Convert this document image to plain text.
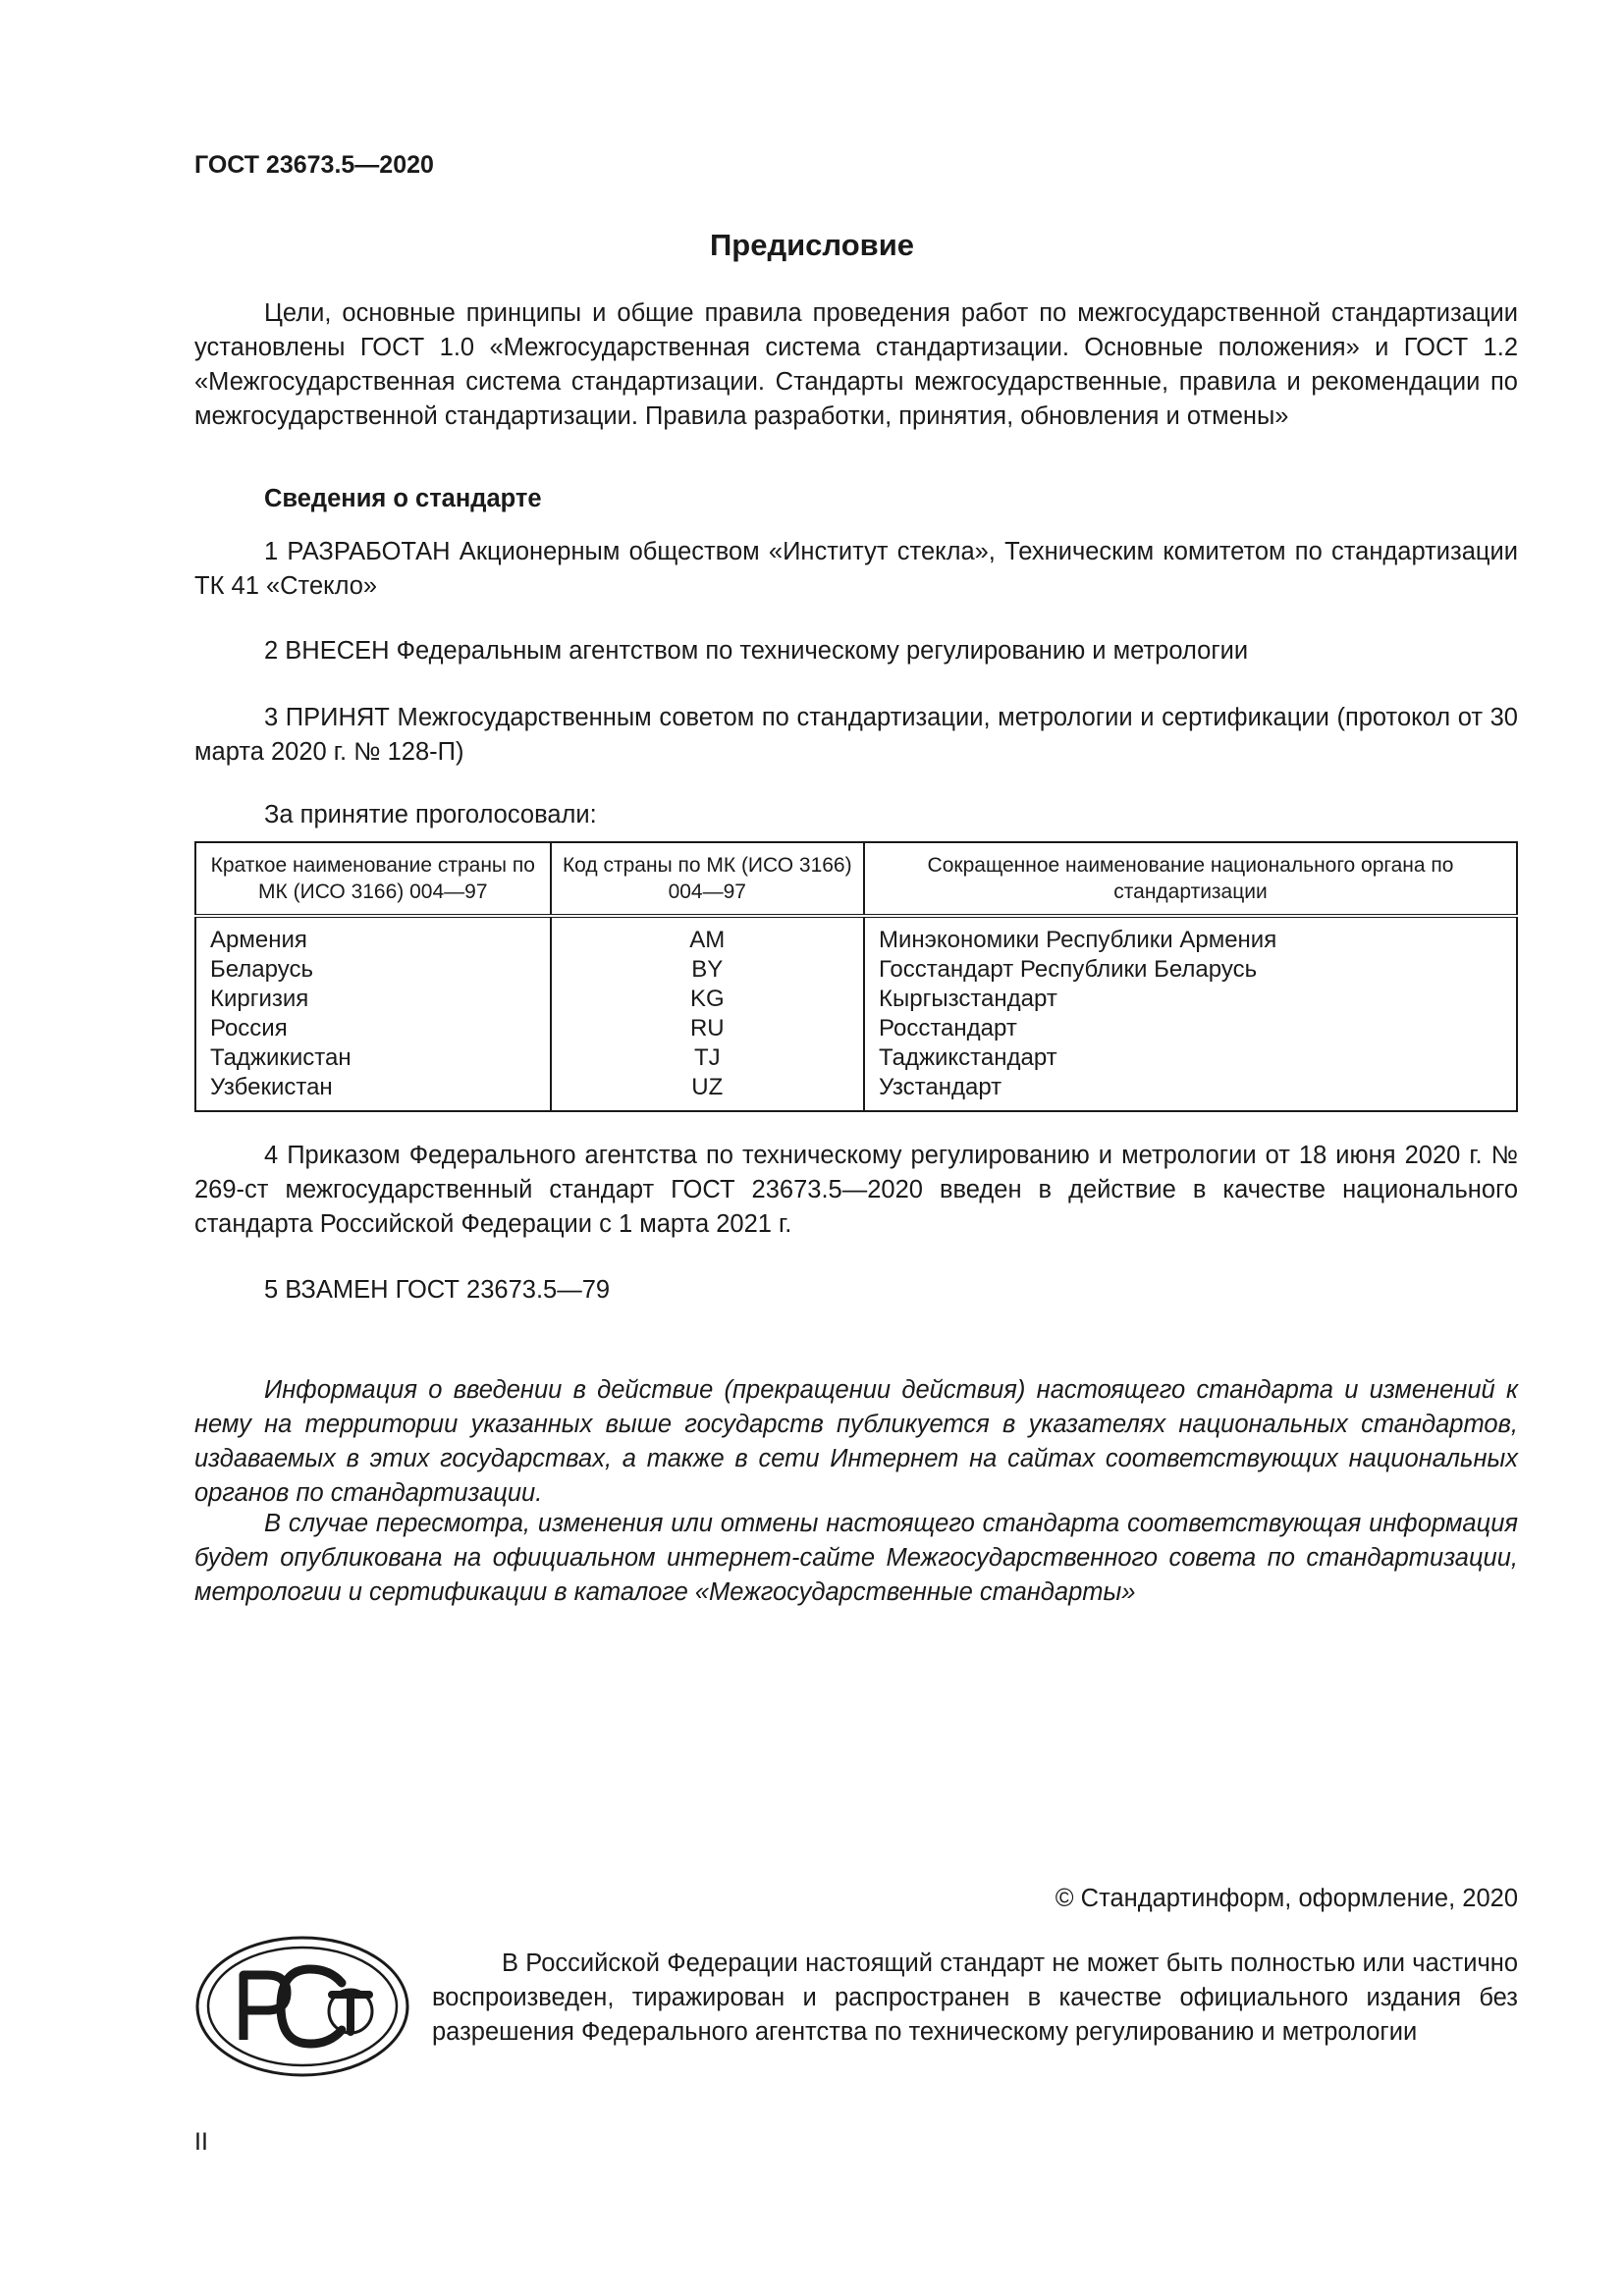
ГОСТ 23673.5—2020
Предисловие

Цели, основные принципы и общие правила проведения работ по межгосударственной стандартизации установлены ГОСТ 1.0 «Межгосударственная система стандартизации. Основные положения» и ГОСТ 1.2 «Межгосударственная система стандартизации. Стандарты межгосударственные, правила и рекомендации по межгосударственной стандартизации. Правила разработки, принятия, обновления и отмены»

Сведения о стандарте

1 РАЗРАБОТАН Акционерным обществом «Институт стекла», Техническим комитетом по стандартизации ТК 41 «Стекло»

2 ВНЕСЕН Федеральным агентством по техническому регулированию и метрологии

3 ПРИНЯТ Межгосударственным советом по стандартизации, метрологии и сертификации (протокол от 30 марта 2020 г. № 128-П)

За принятие проголосовали:

Краткое наименование страны по МК (ИСО 3166) 004—97	Код страны по МК (ИСО 3166) 004—97	Сокращенное наименование национального органа по стандартизации
Армения	AM	Минэкономики Республики Армения
Беларусь	BY	Госстандарт Республики Беларусь
Киргизия	KG	Кыргызстандарт
Россия	RU	Росстандарт
Таджикистан	TJ	Таджикстандарт
Узбекистан	UZ	Узстандарт

4 Приказом Федерального агентства по техническому регулированию и метрологии от 18 июня 2020 г. № 269-ст межгосударственный стандарт ГОСТ 23673.5—2020 введен в действие в качестве национального стандарта Российской Федерации с 1 марта 2021 г.

5 ВЗАМЕН ГОСТ 23673.5—79

Информация о введении в действие (прекращении действия) настоящего стандарта и изменений к нему на территории указанных выше государств публикуется в указателях национальных стандартов, издаваемых в этих государствах, а также в сети Интернет на сайтах соответствующих национальных органов по стандартизации.

В случае пересмотра, изменения или отмены настоящего стандарта соответствующая информация будет опубликована на официальном интернет-сайте Межгосударственного совета по стандартизации, метрологии и сертификации в каталоге «Межгосударственные стандарты»

© Стандартинформ, оформление, 2020

В Российской Федерации настоящий стандарт не может быть полностью или частично воспроизведен, тиражирован и распространен в качестве официального издания без разрешения Федерального агентства по техническому регулированию и метрологии

II
